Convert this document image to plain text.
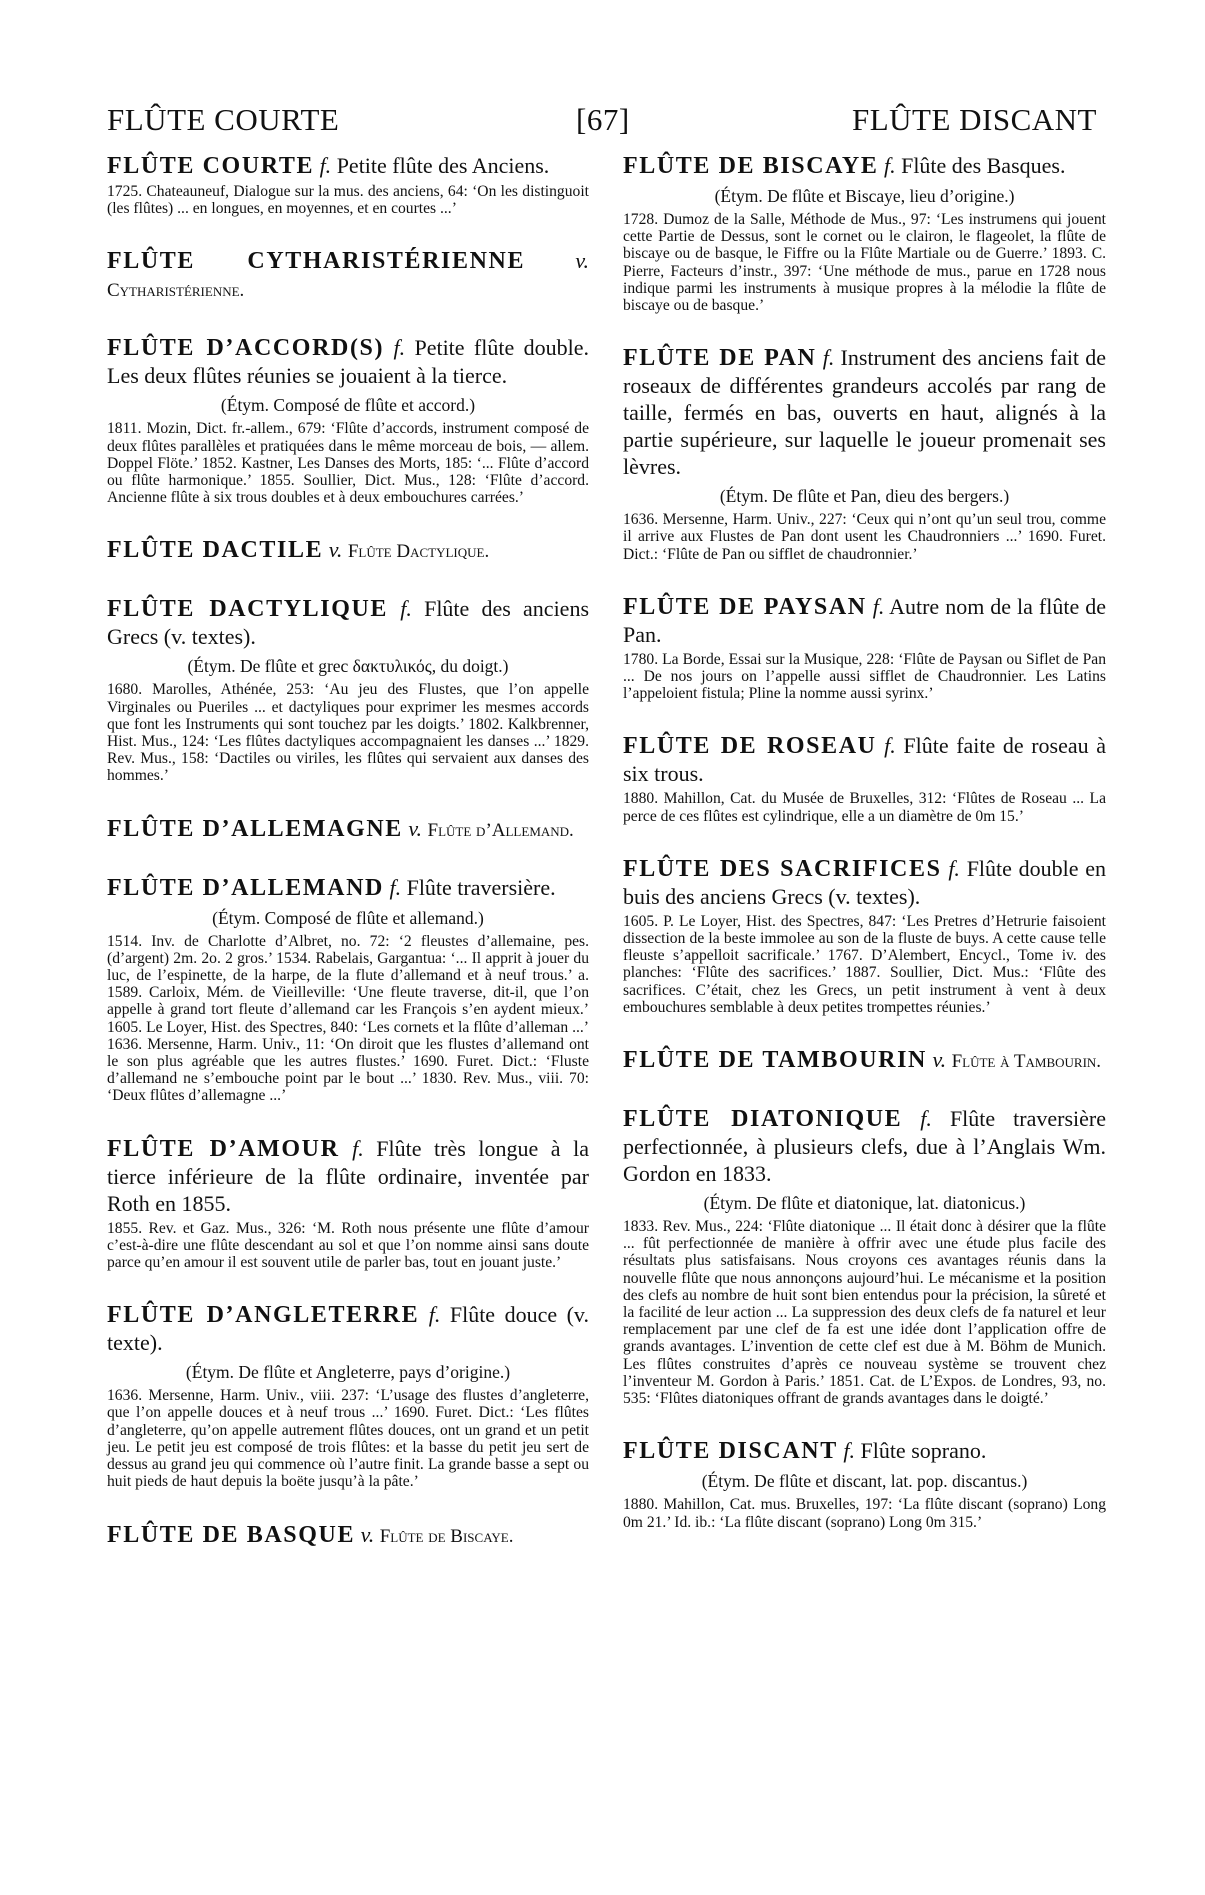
FLÛTE COURTE	[67]	FLÛTE DISCANT

FLÛTE COURTE f. Petite flûte des Anciens.

1725. Chateauneuf, Dialogue sur la mus. des anciens, 64: ‘On les distinguoit (les flûtes) ... en longues, en moyennes, et en courtes ...’

FLÛTE CYTHARISTÉRIENNE v. Cytharistérienne.

FLÛTE D’ACCORD(S) f. Petite flûte double. Les deux flûtes réunies se jouaient à la tierce.

(Étym. Composé de flûte et accord.)

1811. Mozin, Dict. fr.-allem., 679: ‘Flûte d’accords, instrument composé de deux flûtes parallèles et pratiquées dans le même morceau de bois, — allem. Doppel Flöte.’ 1852. Kastner, Les Danses des Morts, 185: ‘... Flûte d’accord ou flûte harmonique.’ 1855. Soullier, Dict. Mus., 128: ‘Flûte d’accord. Ancienne flûte à six trous doubles et à deux embouchures carrées.’

FLÛTE DACTILE v. Flûte Dactylique.

FLÛTE DACTYLIQUE f. Flûte des anciens Grecs (v. textes).

(Étym. De flûte et grec δακτυλικός, du doigt.)

1680. Marolles, Athénée, 253: ‘Au jeu des Flustes, que l’on appelle Virginales ou Pueriles ... et dactyliques pour exprimer les mesmes accords que font les Instruments qui sont touchez par les doigts.’ 1802. Kalkbrenner, Hist. Mus., 124: ‘Les flûtes dactyliques accompagnaient les danses ...’ 1829. Rev. Mus., 158: ‘Dactiles ou viriles, les flûtes qui servaient aux danses des hommes.’

FLÛTE D’ALLEMAGNE v. Flûte d’Allemand.

FLÛTE D’ALLEMAND f. Flûte traversière.

(Étym. Composé de flûte et allemand.)

1514. Inv. de Charlotte d’Albret, no. 72: ‘2 fleustes d’allemaine, pes. (d’argent) 2m. 2o. 2 gros.’ 1534. Rabelais, Gargantua: ‘... Il apprit à jouer du luc, de l’espinette, de la harpe, de la flute d’allemand et à neuf trous.’ a. 1589. Carloix, Mém. de Vieilleville: ‘Une fleute traverse, dit-il, que l’on appelle à grand tort fleute d’allemand car les François s’en aydent mieux.’ 1605. Le Loyer, Hist. des Spectres, 840: ‘Les cornets et la flûte d’alleman ...’ 1636. Mersenne, Harm. Univ., 11: ‘On diroit que les flustes d’allemand ont le son plus agréable que les autres flustes.’ 1690. Furet. Dict.: ‘Fluste d’allemand ne s’embouche point par le bout ...’ 1830. Rev. Mus., viii. 70: ‘Deux flûtes d’allemagne ...’

FLÛTE D’AMOUR f. Flûte très longue à la tierce inférieure de la flûte ordinaire, inventée par Roth en 1855.

1855. Rev. et Gaz. Mus., 326: ‘M. Roth nous présente une flûte d’amour c’est-à-dire une flûte descendant au sol et que l’on nomme ainsi sans doute parce qu’en amour il est souvent utile de parler bas, tout en jouant juste.’

FLÛTE D’ANGLETERRE f. Flûte douce (v. texte).

(Étym. De flûte et Angleterre, pays d’origine.)

1636. Mersenne, Harm. Univ., viii. 237: ‘L’usage des flustes d’angleterre, que l’on appelle douces et à neuf trous ...’ 1690. Furet. Dict.: ‘Les flûtes d’angleterre, qu’on appelle autrement flûtes douces, ont un grand et un petit jeu. Le petit jeu est composé de trois flûtes: et la basse du petit jeu sert de dessus au grand jeu qui commence où l’autre finit. La grande basse a sept ou huit pieds de haut depuis la boëte jusqu’à la pâte.’

FLÛTE DE BASQUE v. Flûte de Biscaye.

FLÛTE DE BISCAYE f. Flûte des Basques.

(Étym. De flûte et Biscaye, lieu d’origine.)

1728. Dumoz de la Salle, Méthode de Mus., 97: ‘Les instrumens qui jouent cette Partie de Dessus, sont le cornet ou le clairon, le flageolet, la flûte de biscaye ou de basque, le Fiffre ou la Flûte Martiale ou de Guerre.’ 1893. C. Pierre, Facteurs d’instr., 397: ‘Une méthode de mus., parue en 1728 nous indique parmi les instruments à musique propres à la mélodie la flûte de biscaye ou de basque.’

FLÛTE DE PAN f. Instrument des anciens fait de roseaux de différentes grandeurs accolés par rang de taille, fermés en bas, ouverts en haut, alignés à la partie supérieure, sur laquelle le joueur promenait ses lèvres.

(Étym. De flûte et Pan, dieu des bergers.)

1636. Mersenne, Harm. Univ., 227: ‘Ceux qui n’ont qu’un seul trou, comme il arrive aux Flustes de Pan dont usent les Chaudronniers ...’ 1690. Furet. Dict.: ‘Flûte de Pan ou sifflet de chaudronnier.’

FLÛTE DE PAYSAN f. Autre nom de la flûte de Pan.

1780. La Borde, Essai sur la Musique, 228: ‘Flûte de Paysan ou Siflet de Pan ... De nos jours on l’appelle aussi sifflet de Chaudronnier. Les Latins l’appeloient fistula; Pline la nomme aussi syrinx.’

FLÛTE DE ROSEAU f. Flûte faite de roseau à six trous.

1880. Mahillon, Cat. du Musée de Bruxelles, 312: ‘Flûtes de Roseau ... La perce de ces flûtes est cylindrique, elle a un diamètre de 0m 15.’

FLÛTE DES SACRIFICES f. Flûte double en buis des anciens Grecs (v. textes).

1605. P. Le Loyer, Hist. des Spectres, 847: ‘Les Pretres d’Hetrurie faisoient dissection de la beste immolee au son de la fluste de buys. A cette cause telle fleuste s’appelloit sacrificale.’ 1767. D’Alembert, Encycl., Tome iv. des planches: ‘Flûte des sacrifices.’ 1887. Soullier, Dict. Mus.: ‘Flûte des sacrifices. C’était, chez les Grecs, un petit instrument à vent à deux embouchures semblable à deux petites trompettes réunies.’

FLÛTE DE TAMBOURIN v. Flûte à Tambourin.

FLÛTE DIATONIQUE f. Flûte traversière perfectionnée, à plusieurs clefs, due à l’Anglais Wm. Gordon en 1833.

(Étym. De flûte et diatonique, lat. diatonicus.)

1833. Rev. Mus., 224: ‘Flûte diatonique ... Il était donc à désirer que la flûte ... fût perfectionnée de manière à offrir avec une étude plus facile des résultats plus satisfaisans. Nous croyons ces avantages réunis dans la nouvelle flûte que nous annonçons aujourd’hui. Le mécanisme et la position des clefs au nombre de huit sont bien entendus pour la précision, la sûreté et la facilité de leur action ... La suppression des deux clefs de fa naturel et leur remplacement par une clef de fa est une idée dont l’application offre de grands avantages. L’invention de cette clef est due à M. Böhm de Munich. Les flûtes construites d’après ce nouveau système se trouvent chez l’inventeur M. Gordon à Paris.’ 1851. Cat. de L’Expos. de Londres, 93, no. 535: ‘Flûtes diatoniques offrant de grands avantages dans le doigté.’

FLÛTE DISCANT f. Flûte soprano.

(Étym. De flûte et discant, lat. pop. discantus.)

1880. Mahillon, Cat. mus. Bruxelles, 197: ‘La flûte discant (soprano) Long 0m 21.’ Id. ib.: ‘La flûte discant (soprano) Long 0m 315.’
